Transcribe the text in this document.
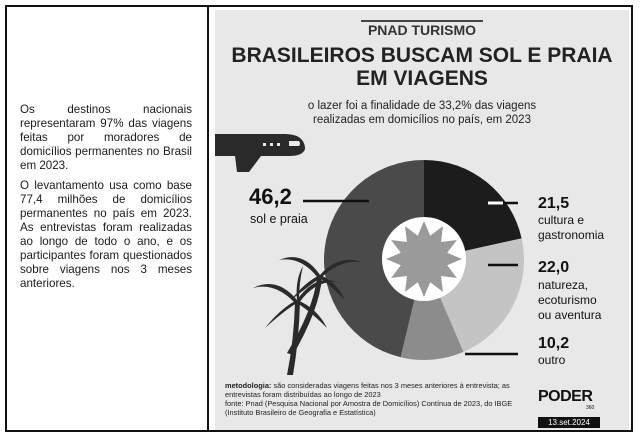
Os destinos nacionais representaram 97% das viagens feitas por moradores de domicílios permanentes no Brasil em 2023.

O levantamento usa como base 77,4 milhões de domicílios permanentes no país em 2023. As entrevistas foram realizadas ao longo de todo o ano, e os participantes foram questionados sobre viagens nos 3 meses anteriores.

PNAD TURISMO
BRASILEIROS BUSCAM SOL E PRAIA
EM VIAGENS
o lazer foi a finalidade de 33,2% das viagens
realizadas em domicílios no país, em 2023
46,2
sol e praia
21,5
cultura e
gastronomia
22,0
natureza,
ecoturismo
ou aventura
10,2
outro
metodologia: são consideradas viagens feitas nos 3 meses anteriores à entrevista; as entrevistas foram distribuídas ao longo de 2023
fonte: Pnad (Pesquisa Nacional por Amostra de Domicílios) Contínua de 2023, do IBGE (Instituto Brasileiro de Geografia e Estatística)
PODER
360
13.set.2024
